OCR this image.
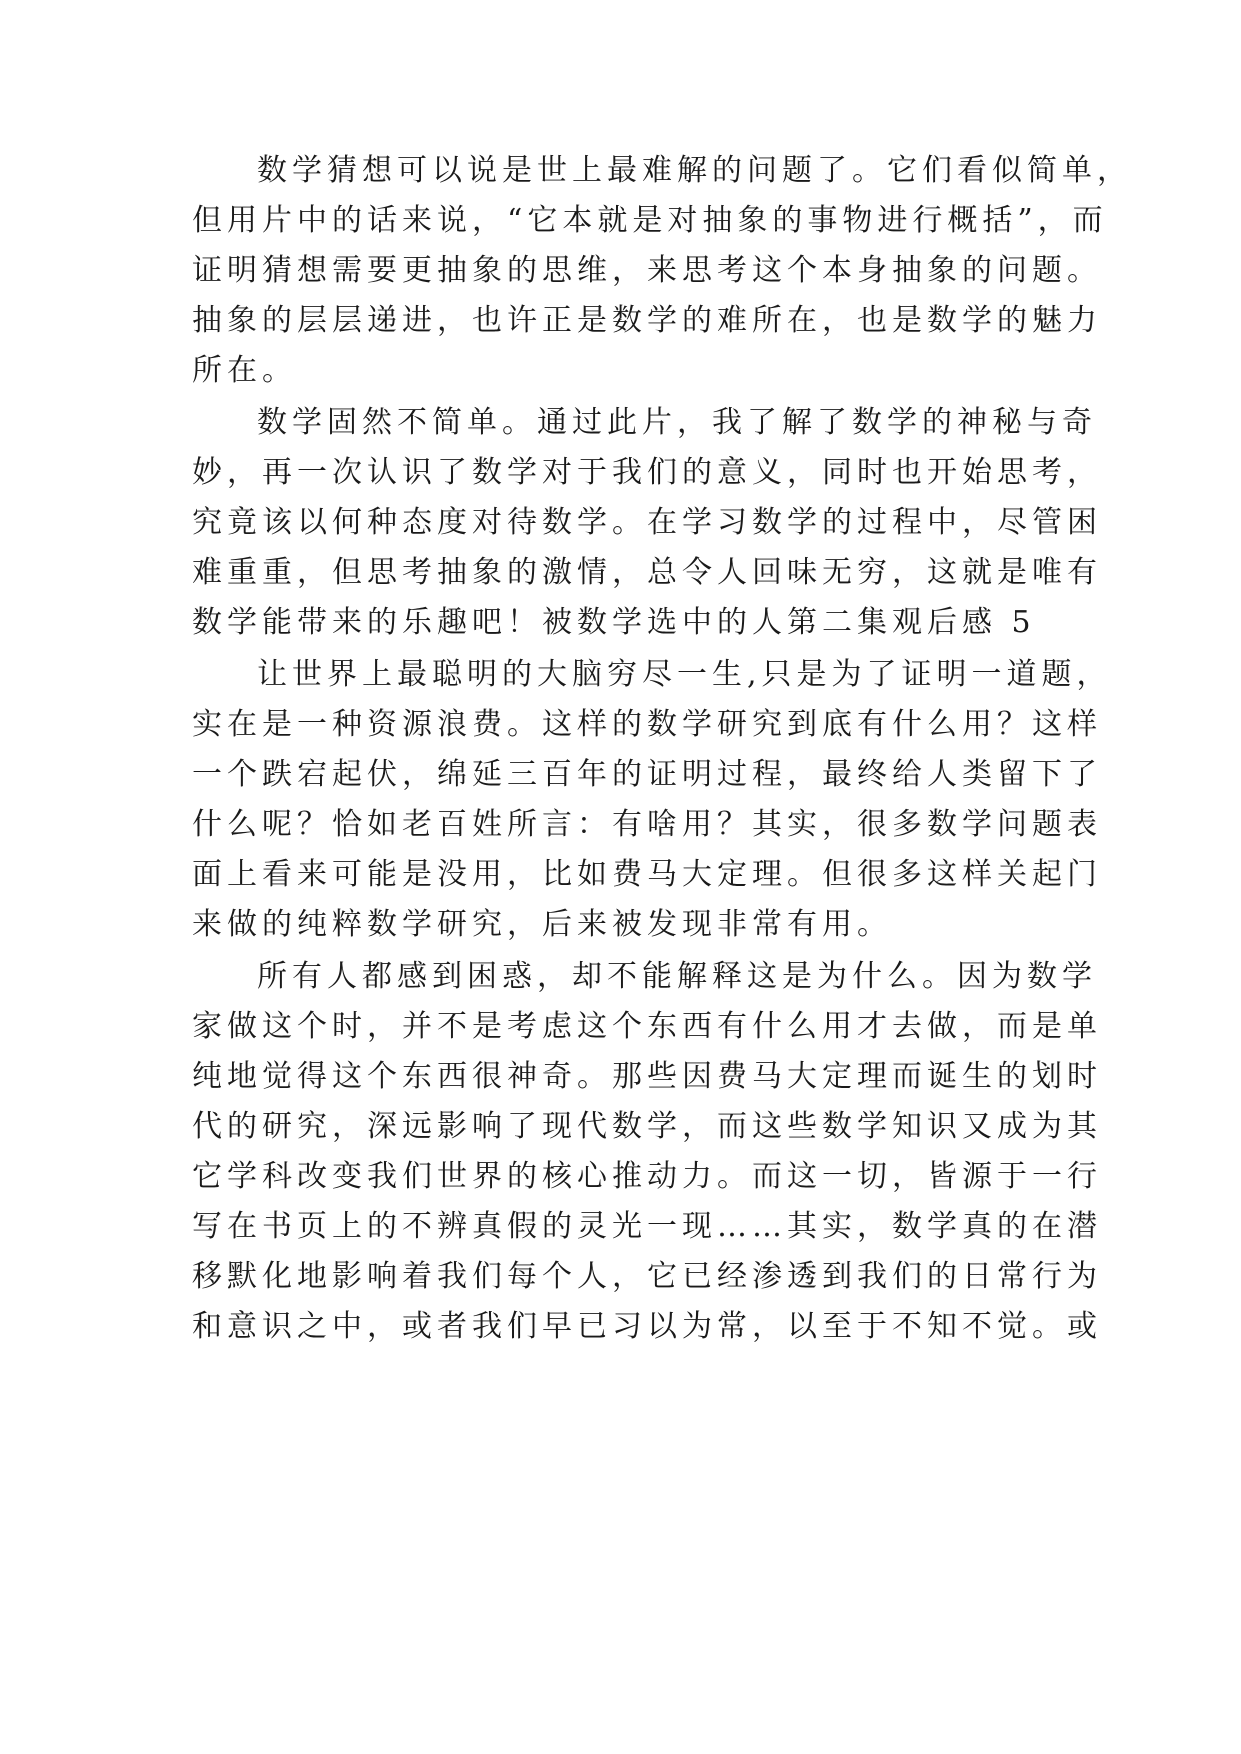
数学猜想可以说是世上最难解的问题了。它们看似简单，
但用片中的话来说，“它本就是对抽象的事物进行概括”，而
证明猜想需要更抽象的思维，来思考这个本身抽象的问题。
抽象的层层递进，也许正是数学的难所在，也是数学的魅力
所在。
数学固然不简单。通过此片，我了解了数学的神秘与奇
妙，再一次认识了数学对于我们的意义，同时也开始思考，
究竟该以何种态度对待数学。在学习数学的过程中，尽管困
难重重，但思考抽象的激情，总令人回味无穷，这就是唯有
数学能带来的乐趣吧！被数学选中的人第二集观后感 5
让世界上最聪明的大脑穷尽一生,只是为了证明一道题，
实在是一种资源浪费。这样的数学研究到底有什么用？这样
一个跌宕起伏，绵延三百年的证明过程，最终给人类留下了
什么呢？恰如老百姓所言：有啥用？其实，很多数学问题表
面上看来可能是没用，比如费马大定理。但很多这样关起门
来做的纯粹数学研究，后来被发现非常有用。
所有人都感到困惑，却不能解释这是为什么。因为数学
家做这个时，并不是考虑这个东西有什么用才去做，而是单
纯地觉得这个东西很神奇。那些因费马大定理而诞生的划时
代的研究，深远影响了现代数学，而这些数学知识又成为其
它学科改变我们世界的核心推动力。而这一切，皆源于一行
写在书页上的不辨真假的灵光一现……其实，数学真的在潜
移默化地影响着我们每个人，它已经渗透到我们的日常行为
和意识之中，或者我们早已习以为常，以至于不知不觉。或
